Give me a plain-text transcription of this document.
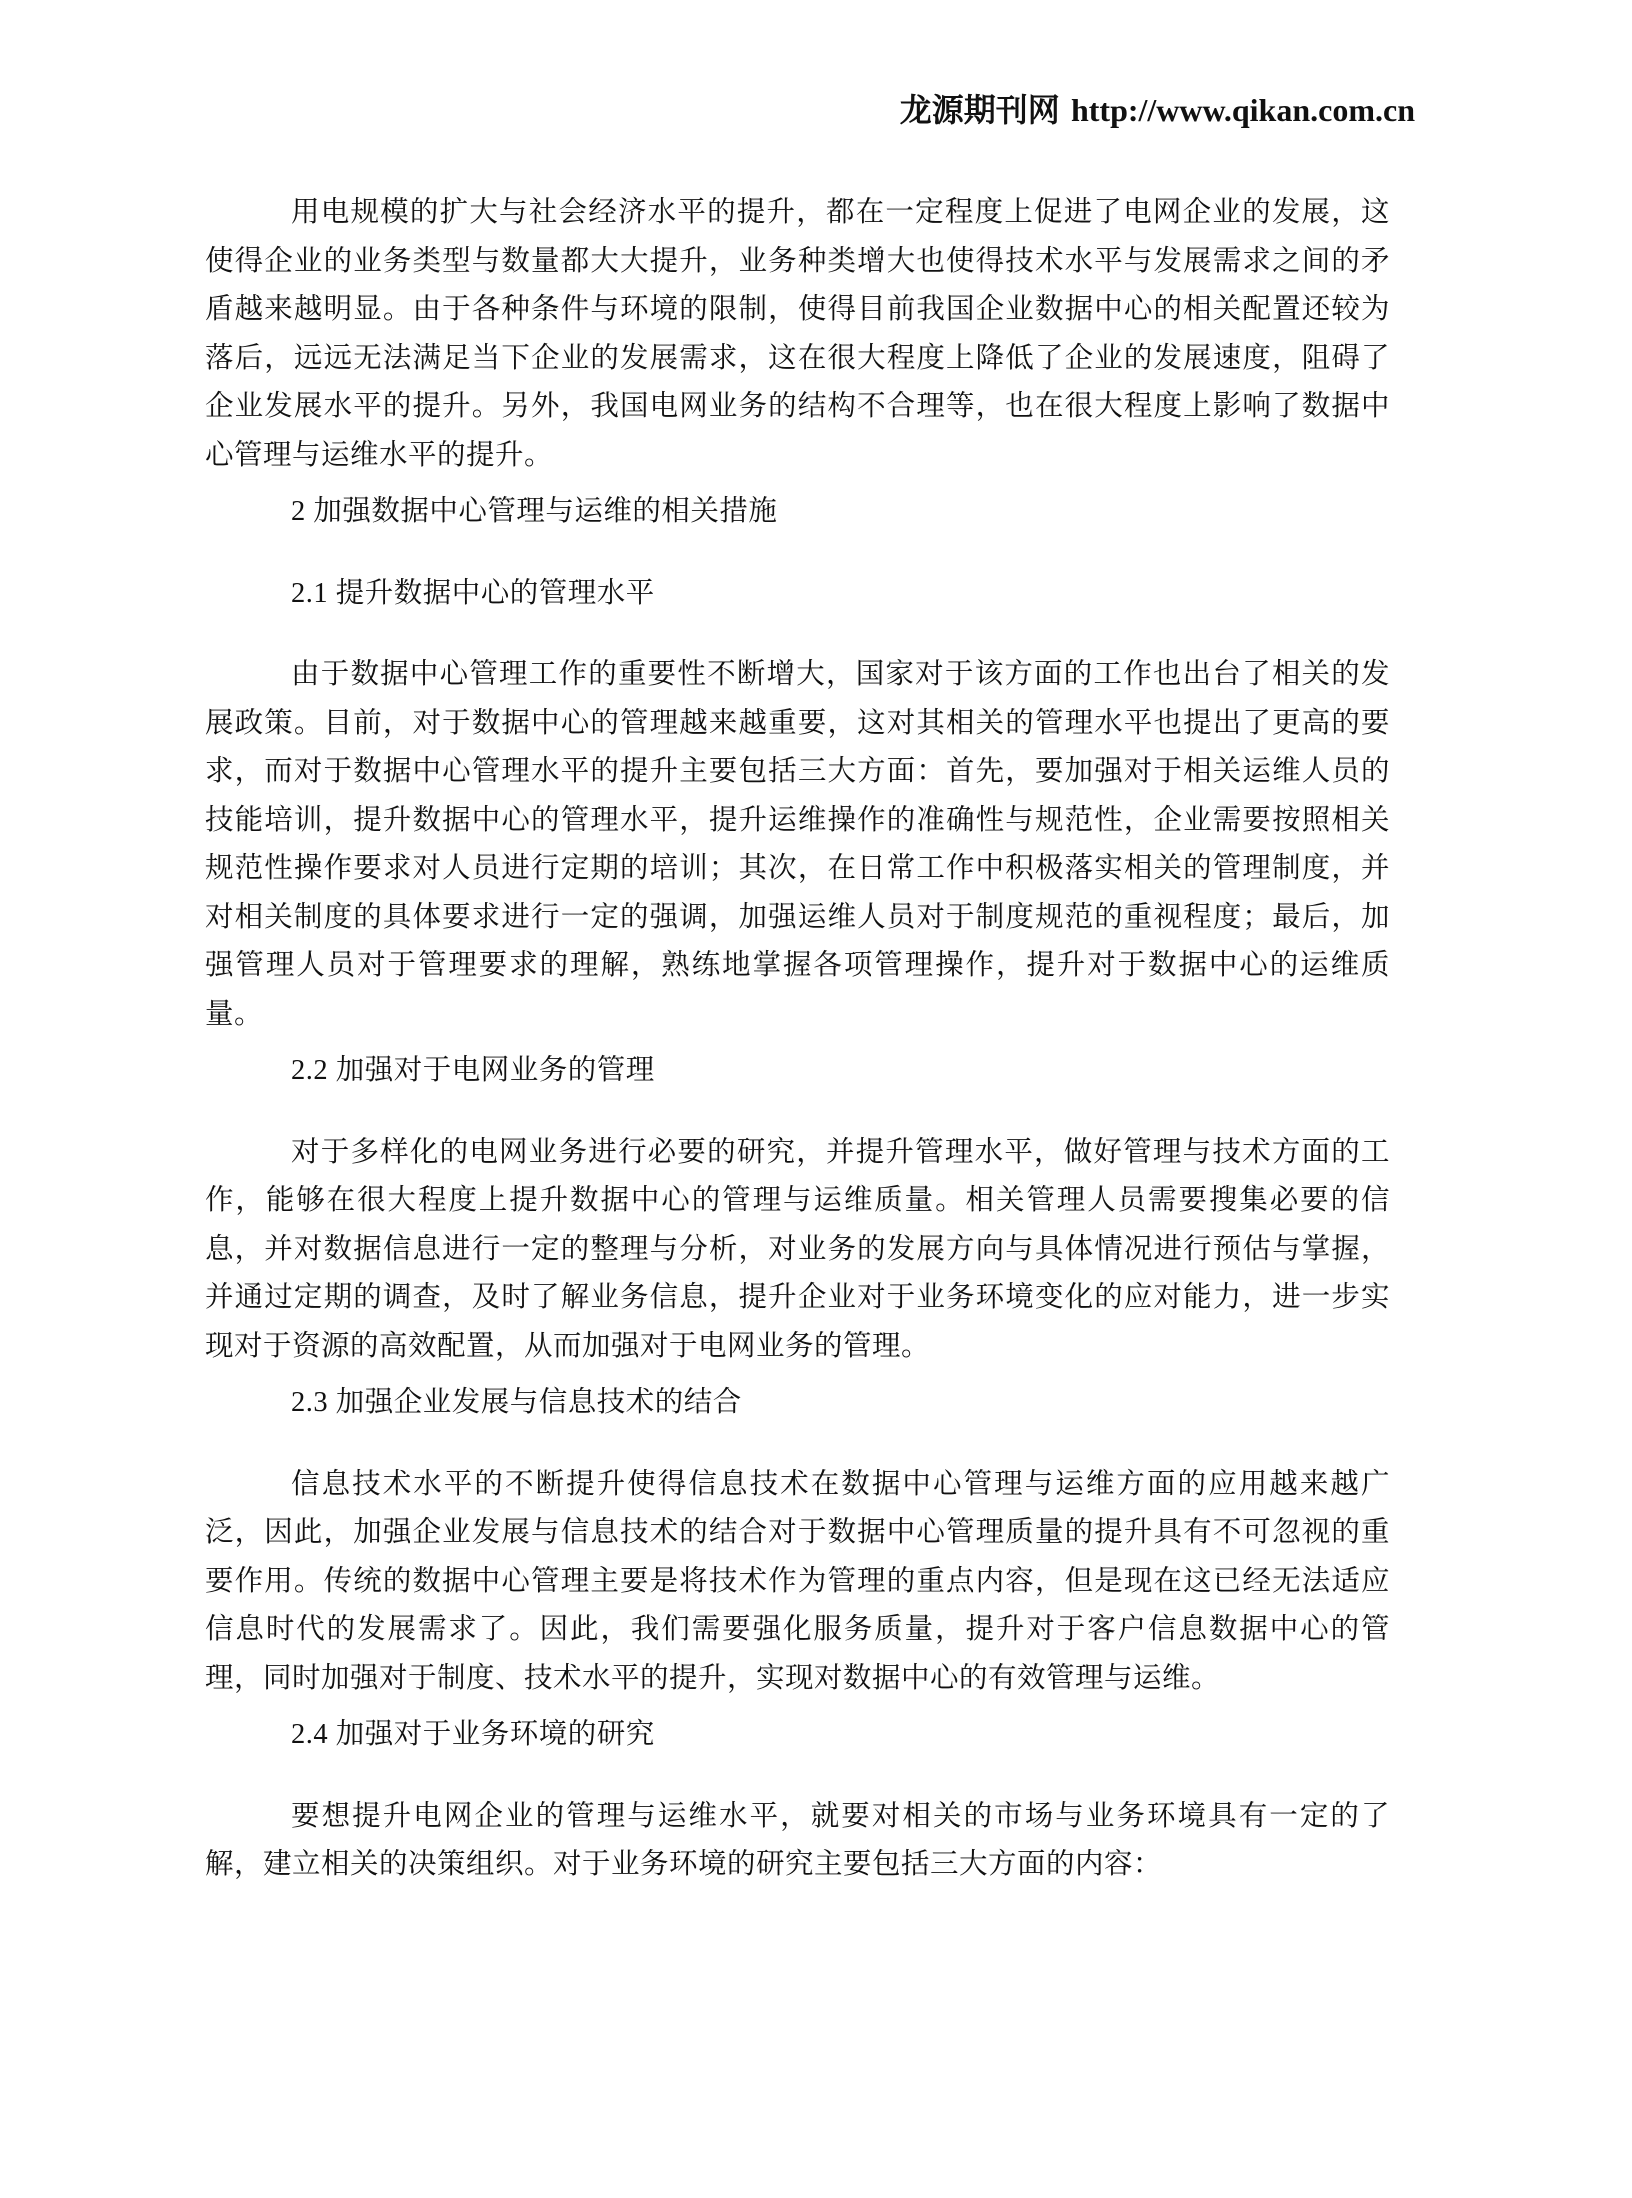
龙源期刊网 http://www.qikan.com.cn

用电规模的扩大与社会经济水平的提升，都在一定程度上促进了电网企业的发展，这使得企业的业务类型与数量都大大提升，业务种类增大也使得技术水平与发展需求之间的矛盾越来越明显。由于各种条件与环境的限制，使得目前我国企业数据中心的相关配置还较为落后，远远无法满足当下企业的发展需求，这在很大程度上降低了企业的发展速度，阻碍了企业发展水平的提升。另外，我国电网业务的结构不合理等，也在很大程度上影响了数据中心管理与运维水平的提升。

2 加强数据中心管理与运维的相关措施
2.1 提升数据中心的管理水平

由于数据中心管理工作的重要性不断增大，国家对于该方面的工作也出台了相关的发展政策。目前，对于数据中心的管理越来越重要，这对其相关的管理水平也提出了更高的要求，而对于数据中心管理水平的提升主要包括三大方面：首先，要加强对于相关运维人员的技能培训，提升数据中心的管理水平，提升运维操作的准确性与规范性，企业需要按照相关规范性操作要求对人员进行定期的培训；其次，在日常工作中积极落实相关的管理制度，并对相关制度的具体要求进行一定的强调，加强运维人员对于制度规范的重视程度；最后，加强管理人员对于管理要求的理解，熟练地掌握各项管理操作，提升对于数据中心的运维质量。

2.2 加强对于电网业务的管理

对于多样化的电网业务进行必要的研究，并提升管理水平，做好管理与技术方面的工作，能够在很大程度上提升数据中心的管理与运维质量。相关管理人员需要搜集必要的信息，并对数据信息进行一定的整理与分析，对业务的发展方向与具体情况进行预估与掌握，并通过定期的调查，及时了解业务信息，提升企业对于业务环境变化的应对能力，进一步实现对于资源的高效配置，从而加强对于电网业务的管理。

2.3 加强企业发展与信息技术的结合

信息技术水平的不断提升使得信息技术在数据中心管理与运维方面的应用越来越广泛，因此，加强企业发展与信息技术的结合对于数据中心管理质量的提升具有不可忽视的重要作用。传统的数据中心管理主要是将技术作为管理的重点内容，但是现在这已经无法适应信息时代的发展需求了。因此，我们需要强化服务质量，提升对于客户信息数据中心的管理，同时加强对于制度、技术水平的提升，实现对数据中心的有效管理与运维。

2.4 加强对于业务环境的研究

要想提升电网企业的管理与运维水平，就要对相关的市场与业务环境具有一定的了解，建立相关的决策组织。对于业务环境的研究主要包括三大方面的内容：
